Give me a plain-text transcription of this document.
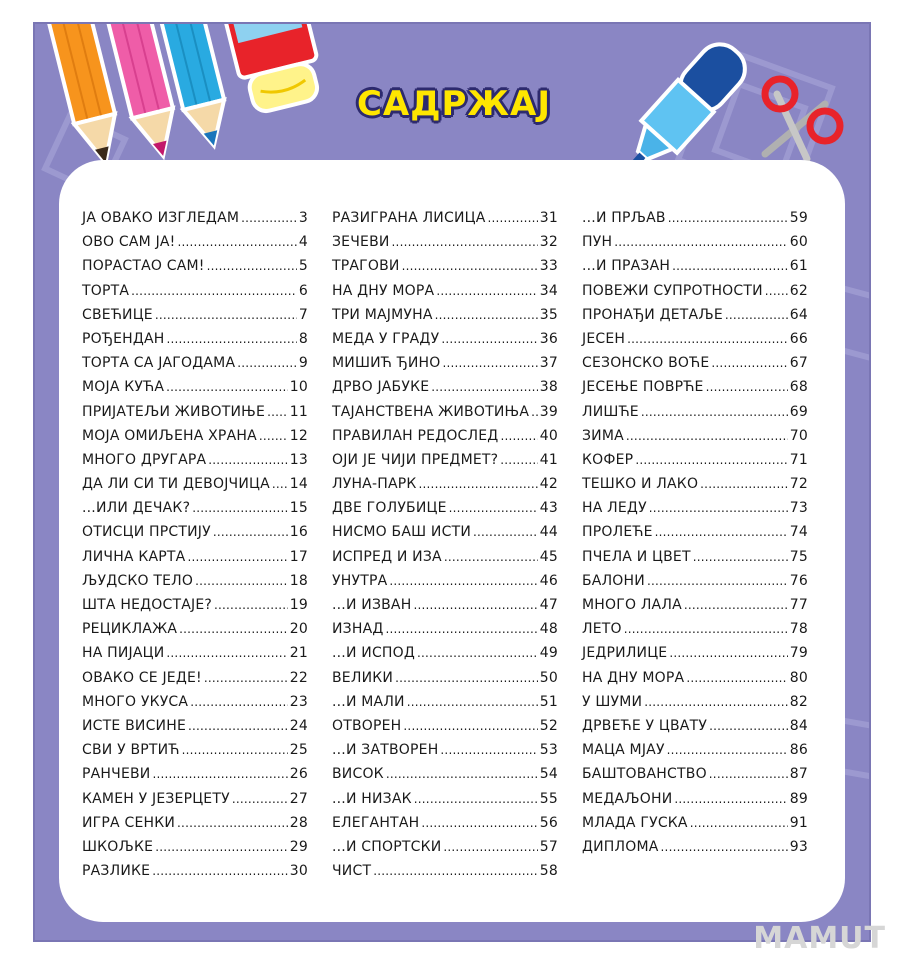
САДРЖАЈ
ЈА ОВАКО ИЗГЛЕДАМ .....	3
ОВО САМ ЈА! .....	4
ПОРАСТАО САМ! .....	5
ТОРТА .....	6
СВЕЋИЦЕ .....	7
РОЂЕНДАН .....	8
ТОРТА СА ЈАГОДАМА .....	9
МОЈА КУЋА .....	10
ПРИЈАТЕЉИ ЖИВОТИЊЕ ..... 11
МОЈА ОМИЉЕНА ХРАНА ..... 12
МНОГО ДРУГАРА .....	13
ДА ЛИ СИ ТИ ДЕВОЈЧИЦА ..... 14
...ИЛИ ДЕЧАК? .....	15
ОТИСЦИ ПРСТИЈУ .....	16
ЛИЧНА КАРТА .....	17
ЉУДСКО ТЕЛО .....	18
ШТА НЕДОСТАЈЕ? .....	19
РЕЦИКЛАЖА .....	20
НА ПИЈАЦИ .....	21
ОВАКО СЕ ЈЕДЕ! .....	22
МНОГО УКУСА .....	23
ИСТЕ ВИСИНЕ .....	24
СВИ У ВРТИЋ .....	25
РАНЧЕВИ .....	26
КАМЕН У ЈЕЗЕРЦЕТУ .....	27
ИГРА СЕНКИ .....	28
ШКОЉКЕ .....	29
РАЗЛИКЕ .....	30
РАЗИГРАНА ЛИСИЦА .....	31
ЗЕЧЕВИ .....	32
ТРАГОВИ .....	33
НА ДНУ МОРА .....	34
ТРИ МАЈМУНА .....	35
МЕДА У ГРАДУ .....	36
МИШИЋ ЂИНО .....	37
ДРВО ЈАБУКЕ .....	38
ТАЈАНСТВЕНА ЖИВОТИЊА ..... 39
ПРАВИЛАН РЕДОСЛЕД .....	40
ОЈИ ЈЕ ЧИЈИ ПРЕДМЕТ? .....	41
ЛУНА-ПАРК .....	42
ДВЕ ГОЛУБИЦЕ .....	43
НИСМО БАШ ИСТИ .....	44
ИСПРЕД И ИЗА .....	45
УНУТРА .....	46
...И ИЗВАН .....	47
ИЗНАД .....	48
...И ИСПОД .....	49
ВЕЛИКИ .....	50
...И МАЛИ .....	51
ОТВОРЕН .....	52
...И ЗАТВОРЕН .....	53
ВИСОК .....	54
...И НИЗАК .....	55
ЕЛЕГАНТАН .....	56
...И СПОРТСКИ .....	57
ЧИСТ .....	58
...И ПРЉАВ .....	59
ПУН .....	60
...И ПРАЗАН .....	61
ПОВЕЖИ СУПРОТНОСТИ ..... 62
ПРОНАЂИ ДЕТАЉЕ .....	64
ЈЕСЕН .....	66
СЕЗОНСКО ВОЋЕ .....	67
ЈЕСЕЊЕ ПОВРЋЕ .....	68
ЛИШЋЕ .....	69
ЗИМА .....	70
КОФЕР .....	71
ТЕШКО И ЛАКО .....	72
НА ЛЕДУ .....	73
ПРОЛЕЋЕ .....	74
ПЧЕЛА И ЦВЕТ .....	75
БАЛОНИ .....	76
МНОГО ЛАЛА .....	77
ЛЕТО .....	78
ЈЕДРИЛИЦЕ .....	79
НА ДНУ МОРА .....	80
У ШУМИ .....	82
ДРВЕЋЕ У ЦВАТУ .....	84
МАЦА МЈАУ .....	86
БАШТОВАНСТВО .....	87
МЕДАЉОНИ .....	89
МЛАДА ГУСКА .....	91
ДИПЛОМА .....	93
MAMUT
